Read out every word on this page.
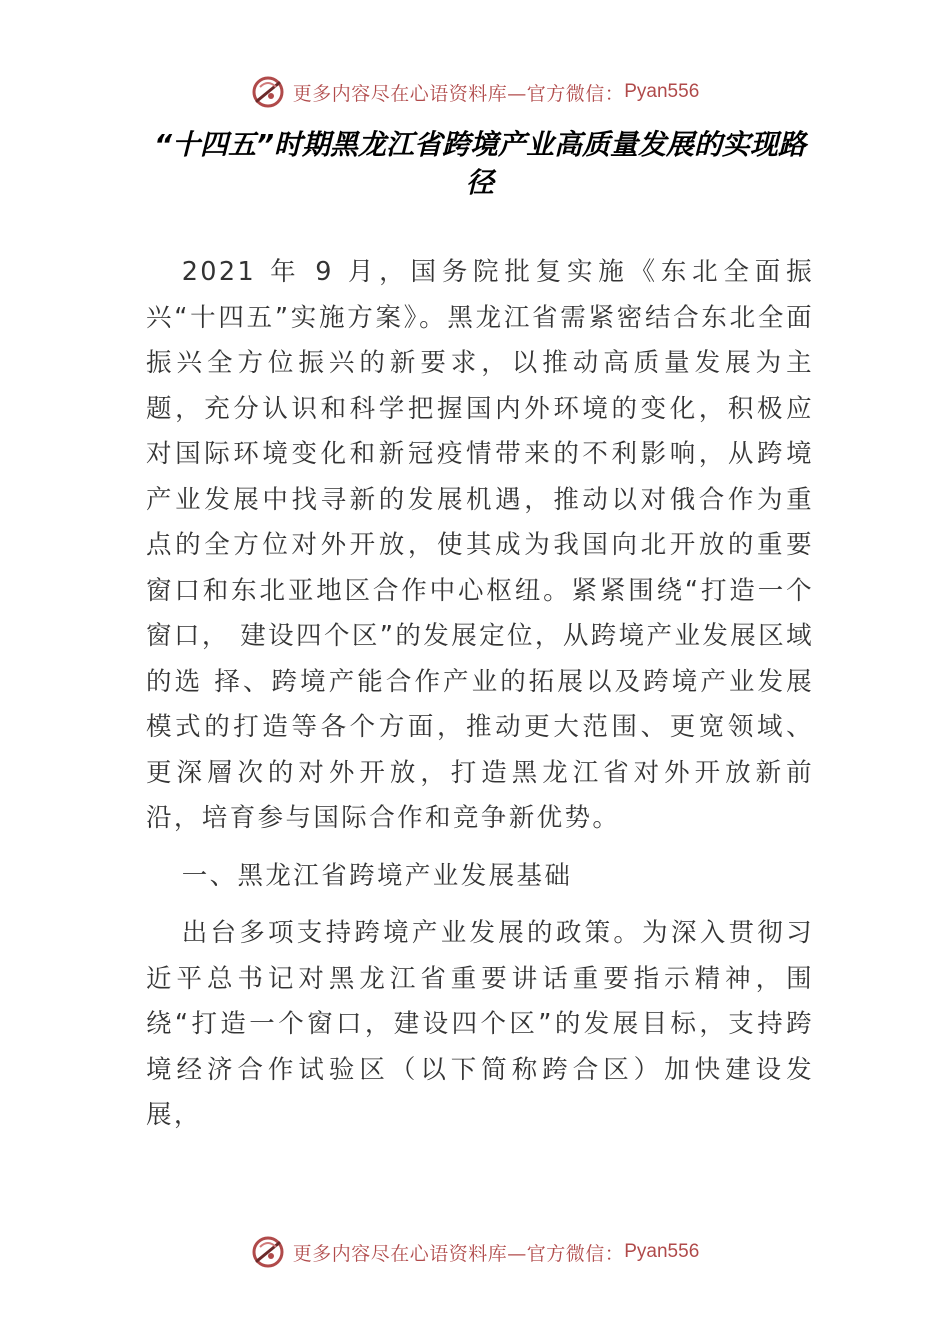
更多内容尽在心语资料库—官方微信： Pyan556
“十四五”时期黑龙江省跨境产业高质量发展的实现路径

2021 年 9 月，国务院批复实施《东北全面振兴“十四五”实施方案》。黑龙江省需紧密结合东北全面振兴全方位振兴的新要求，以推动高质量发展为主题，充分认识和科学把握国内外环境的变化，积极应对国际环境变化和新冠疫情带来的不利影响，从跨境产业发展中找寻新的发展机遇，推动以对俄合作为重点的全方位对外开放，使其成为我国向北开放的重要窗口和东北亚地区合作中心枢纽。紧紧围绕“打造一个窗口， 建设四个区”的发展定位，从跨境产业发展区域的选 择、跨境产能合作产业的拓展以及跨境产业发展模式的打造等各个方面，推动更大范围、更宽领域、更深層次的对外开放，打造黑龙江省对外开放新前沿，培育参与国际合作和竞争新优势。

一、黑龙江省跨境产业发展基础

出台多项支持跨境产业发展的政策。为深入贯彻习近平总书记对黑龙江省重要讲话重要指示精神，围绕“打造一个窗口，建设四个区”的发展目标，支持跨境经济合作试验区（以下简称跨合区）加快建设发展，

更多内容尽在心语资料库—官方微信： Pyan556
